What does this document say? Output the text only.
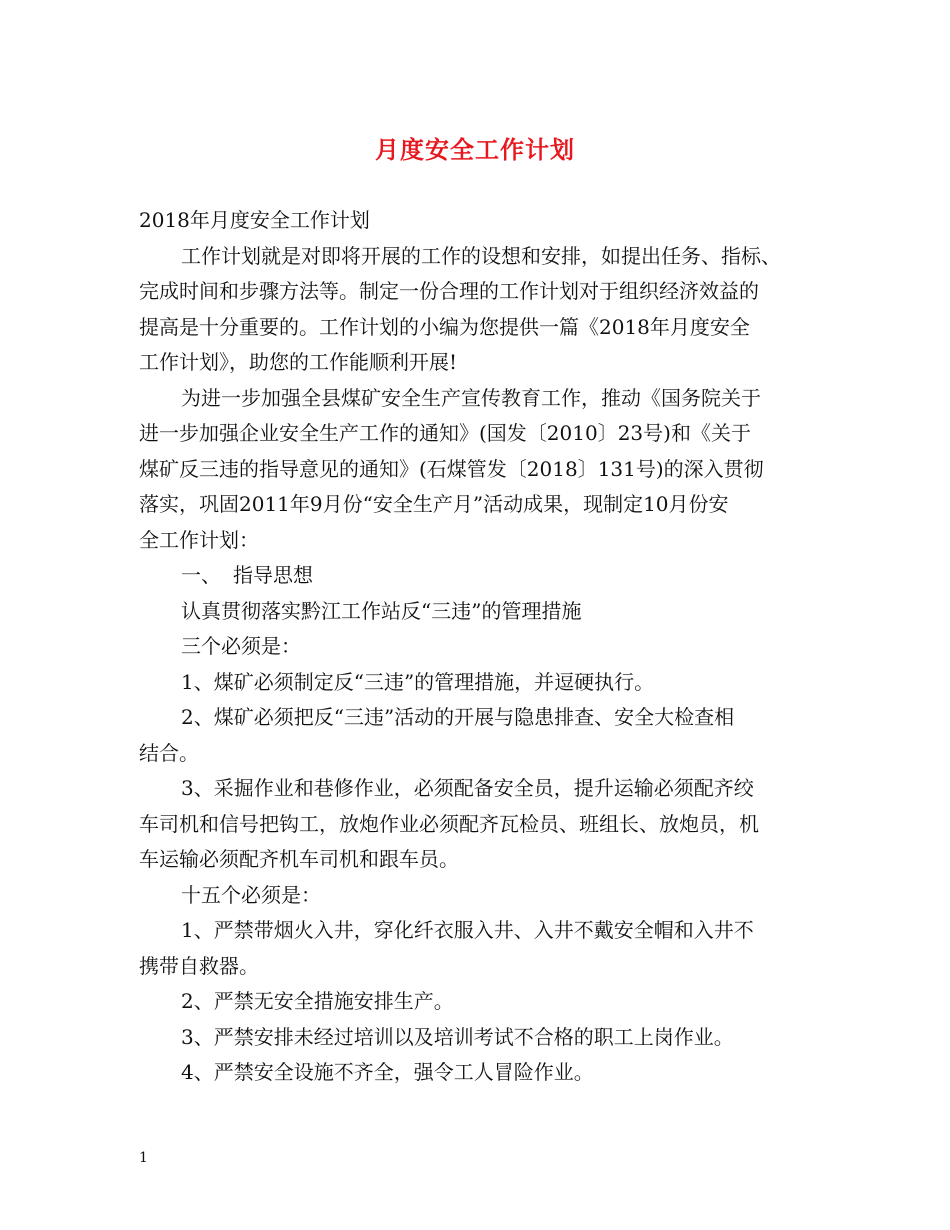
月度安全工作计划
2018年月度安全工作计划
工作计划就是对即将开展的工作的设想和安排，如提出任务、指标、
完成时间和步骤方法等。制定一份合理的工作计划对于组织经济效益的
提高是十分重要的。工作计划的小编为您提供一篇《2018年月度安全
工作计划》，助您的工作能顺利开展!
为进一步加强全县煤矿安全生产宣传教育工作，推动《国务院关于
进一步加强企业安全生产工作的通知》(国发〔2010〕23号)和《关于
煤矿反三违的指导意见的通知》(石煤管发〔2018〕131号)的深入贯彻
落实，巩固2011年9月份“安全生产月”活动成果，现制定10月份安
全工作计划：
一、 指导思想
认真贯彻落实黔江工作站反“三违”的管理措施
三个必须是：
1、煤矿必须制定反“三违”的管理措施，并逗硬执行。
2、煤矿必须把反“三违”活动的开展与隐患排查、安全大检查相
结合。
3、采掘作业和巷修作业，必须配备安全员，提升运输必须配齐绞
车司机和信号把钩工，放炮作业必须配齐瓦检员、班组长、放炮员，机
车运输必须配齐机车司机和跟车员。
十五个必须是：
1、严禁带烟火入井，穿化纤衣服入井、入井不戴安全帽和入井不
携带自救器。
2、严禁无安全措施安排生产。
3、严禁安排未经过培训以及培训考试不合格的职工上岗作业。
4、严禁安全设施不齐全，强令工人冒险作业。
1
